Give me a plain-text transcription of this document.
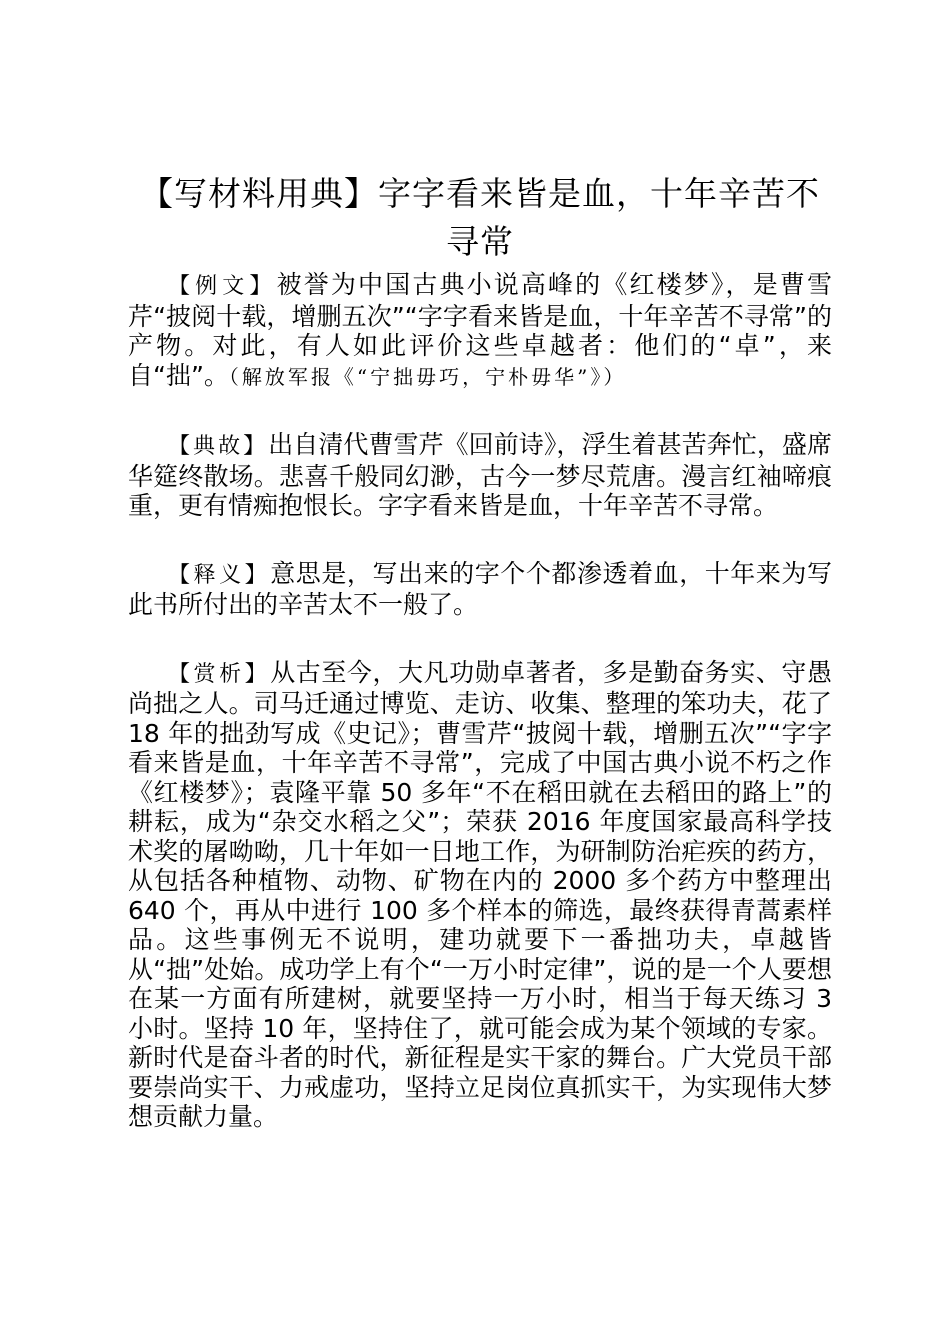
【写材料用典】字字看来皆是血，十年辛苦不寻常

【例文】被誉为中国古典小说高峰的《红楼梦》，是曹雪芹“披阅十载，增删五次”“字字看来皆是血，十年辛苦不寻常”的产物。对此，有人如此评价这些卓越者：他们的“卓”，来自“拙”。（解放军报《“宁拙毋巧，宁朴毋华”》）

【典故】出自清代曹雪芹《回前诗》，浮生着甚苦奔忙，盛席华筵终散场。悲喜千般同幻渺，古今一梦尽荒唐。漫言红袖啼痕重，更有情痴抱恨长。字字看来皆是血，十年辛苦不寻常。

【释义】意思是，写出来的字个个都渗透着血，十年来为写此书所付出的辛苦太不一般了。

【赏析】从古至今，大凡功勋卓著者，多是勤奋务实、守愚尚拙之人。司马迁通过博览、走访、收集、整理的笨功夫，花了 18 年的拙劲写成《史记》；曹雪芹“披阅十载，增删五次”“字字看来皆是血，十年辛苦不寻常”，完成了中国古典小说不朽之作《红楼梦》；袁隆平靠 50 多年“不在稻田就在去稻田的路上”的耕耘，成为“杂交水稻之父”；荣获 2016 年度国家最高科学技术奖的屠呦呦，几十年如一日地工作，为研制防治疟疾的药方，从包括各种植物、动物、矿物在内的 2000 多个药方中整理出 640 个，再从中进行 100 多个样本的筛选，最终获得青蒿素样品。这些事例无不说明，建功就要下一番拙功夫，卓越皆从“拙”处始。成功学上有个“一万小时定律”，说的是一个人要想在某一方面有所建树，就要坚持一万小时，相当于每天练习 3 小时。坚持 10 年，坚持住了，就可能会成为某个领域的专家。新时代是奋斗者的时代，新征程是实干家的舞台。广大党员干部要崇尚实干、力戒虚功，坚持立足岗位真抓实干，为实现伟大梦想贡献力量。
